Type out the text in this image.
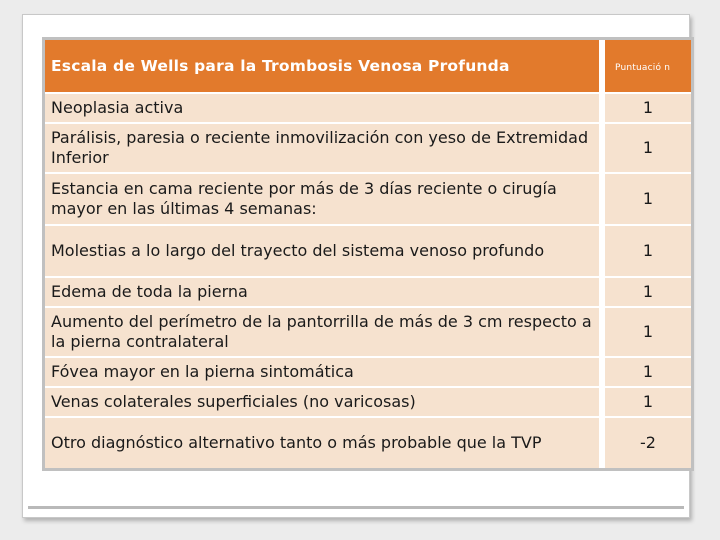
Escala de Wells para la Trombosis Venosa Profunda	Puntuació n
Neoplasia activa	1
Parálisis, paresia o reciente inmovilización con yeso de Extremidad Inferior	1
Estancia en cama reciente por más de 3 días reciente o cirugía mayor en las últimas 4 semanas:	1
Molestias a lo largo del trayecto del sistema venoso profundo	1
Edema de toda la pierna	1
Aumento del perímetro de la pantorrilla de más de 3 cm respecto a la pierna contralateral	1
Fóvea mayor en la pierna sintomática	1
Venas colaterales superficiales (no varicosas)	1
Otro diagnóstico alternativo tanto o más probable que la TVP	-2
